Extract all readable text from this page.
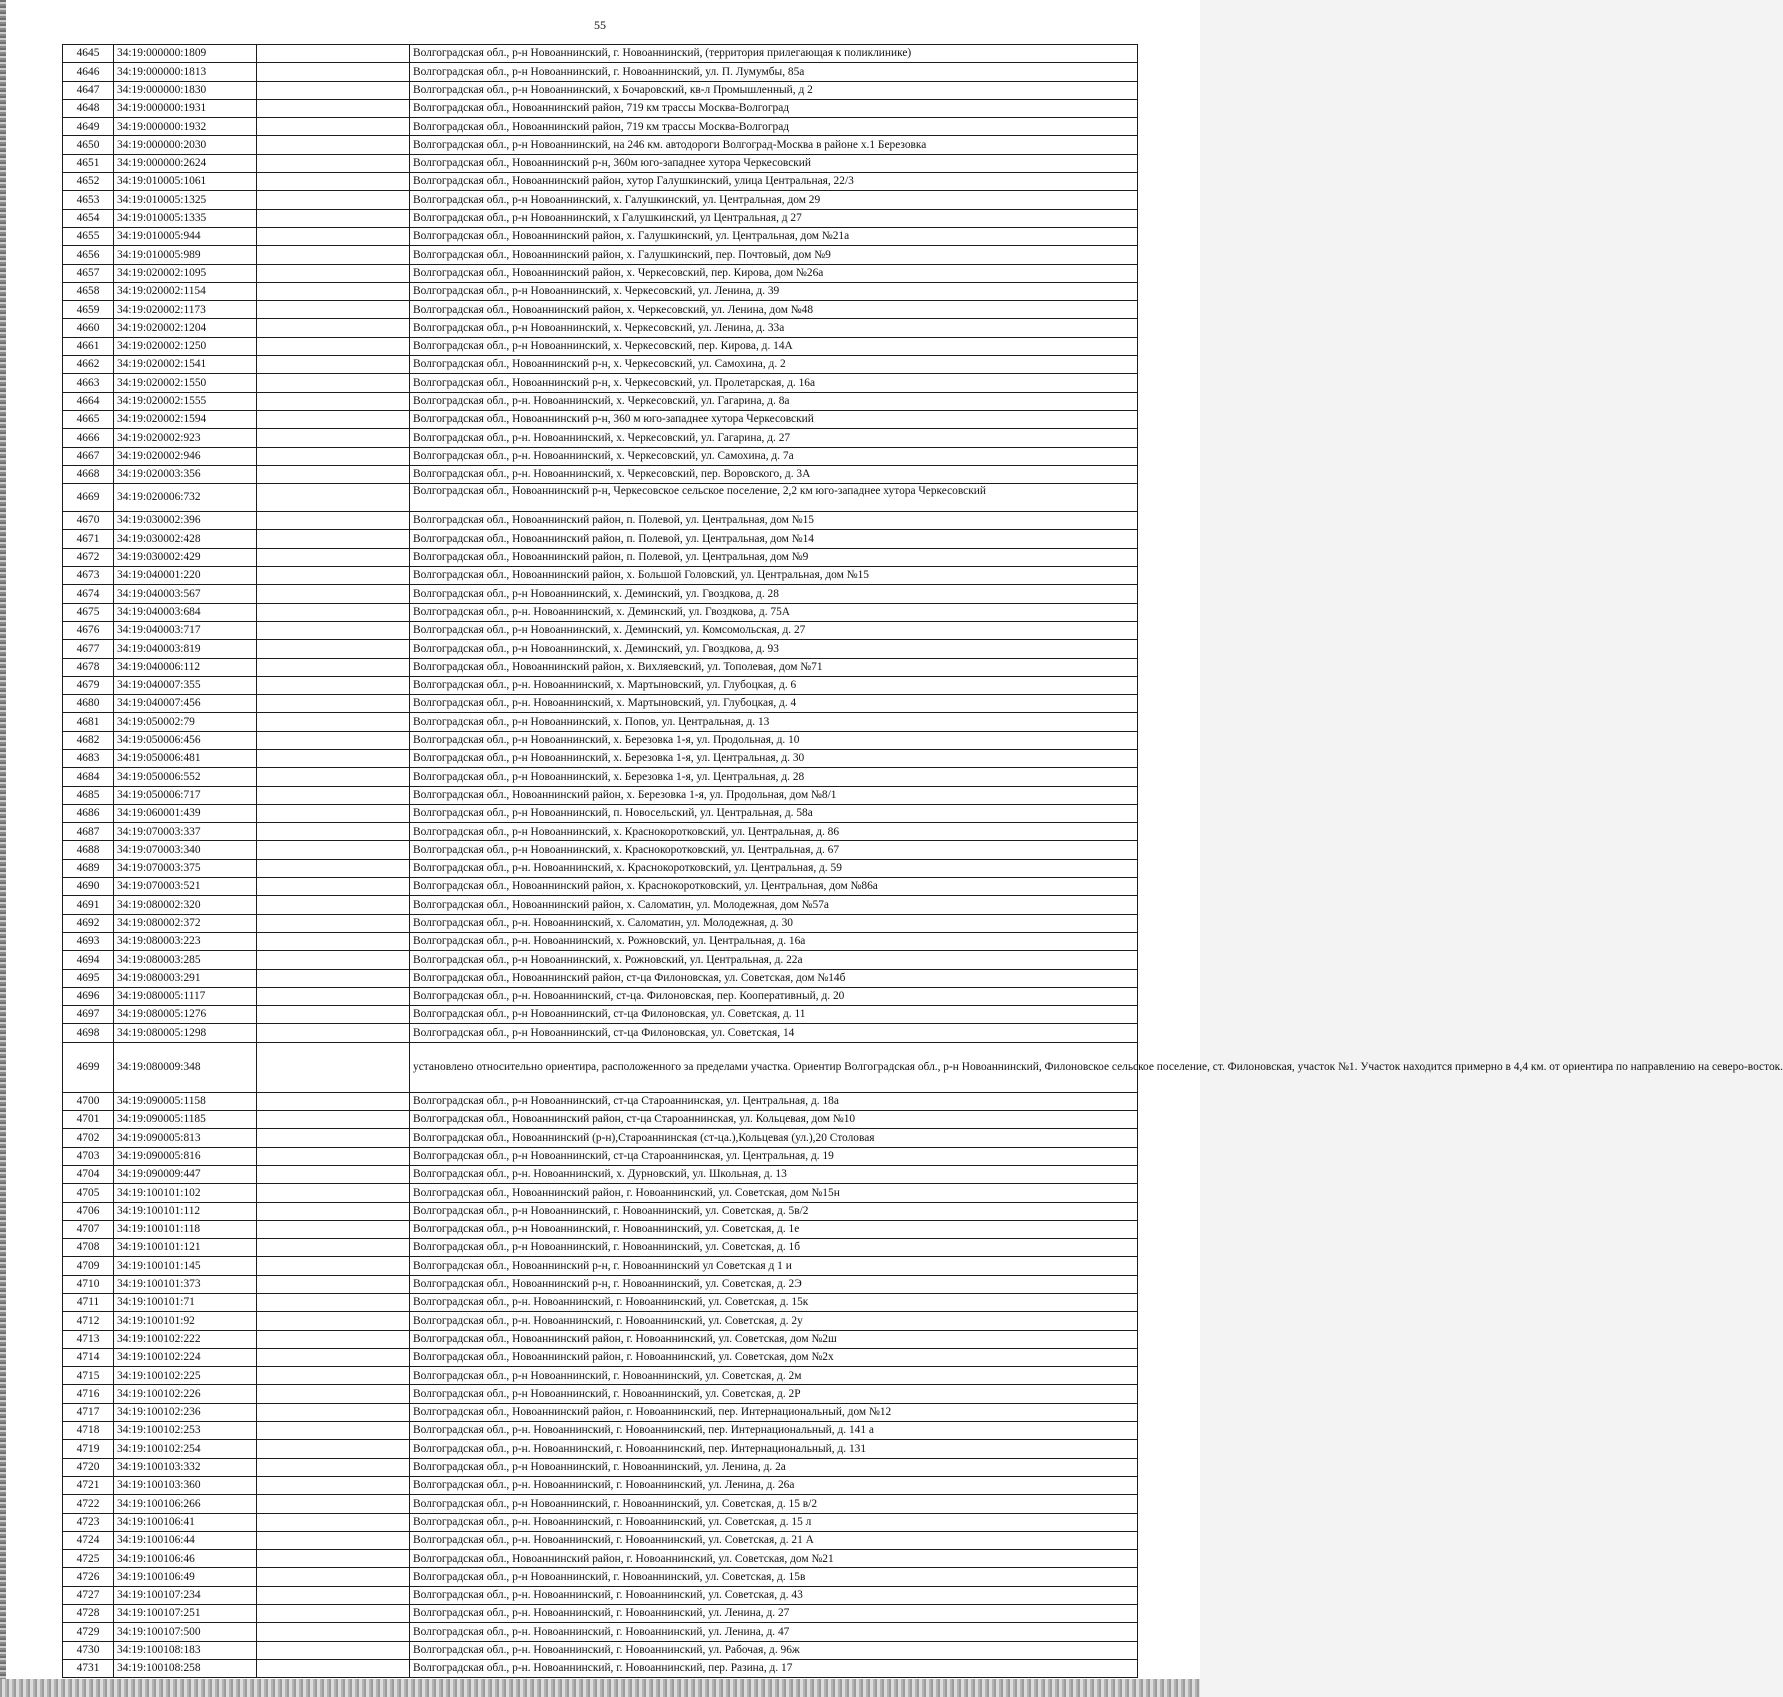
55
4645	34:19:000000:1809		Волгоградская обл., р-н Новоаннинский, г. Новоаннинский, (территория прилегающая к поликлинике)
4646	34:19:000000:1813		Волгоградская обл., р-н Новоаннинский, г. Новоаннинский, ул. П. Лумумбы, 85а
4647	34:19:000000:1830		Волгоградская обл., р-н Новоаннинский, х Бочаровский, кв-л Промышленный, д 2
4648	34:19:000000:1931		Волгоградская обл., Новоаннинский район, 719 км трассы Москва-Волгоград
4649	34:19:000000:1932		Волгоградская обл., Новоаннинский район, 719 км трассы Москва-Волгоград
4650	34:19:000000:2030		Волгоградская обл., р-н Новоаннинский, на 246 км. автодороги Волгоград-Москва в районе х.1 Березовка
4651	34:19:000000:2624		Волгоградская обл., Новоаннинский р-н, 360м юго-западнее хутора Черкесовский
4652	34:19:010005:1061		Волгоградская обл., Новоаннинский район, хутор Галушкинский, улица Центральная, 22/3
4653	34:19:010005:1325		Волгоградская обл., р-н Новоаннинский, х. Галушкинский, ул. Центральная, дом 29
4654	34:19:010005:1335		Волгоградская обл., р-н Новоаннинский, х Галушкинский, ул Центральная, д 27
4655	34:19:010005:944		Волгоградская обл., Новоаннинский район, х. Галушкинский, ул. Центральная, дом №21а
4656	34:19:010005:989		Волгоградская обл., Новоаннинский район, х. Галушкинский, пер. Почтовый, дом №9
4657	34:19:020002:1095		Волгоградская обл., Новоаннинский район, х. Черкесовский, пер. Кирова, дом №26а
4658	34:19:020002:1154		Волгоградская обл., р-н Новоаннинский, х. Черкесовский, ул. Ленина, д. 39
4659	34:19:020002:1173		Волгоградская обл., Новоаннинский район, х. Черкесовский, ул. Ленина, дом №48
4660	34:19:020002:1204		Волгоградская обл., р-н Новоаннинский, х. Черкесовский, ул. Ленина, д. 33а
4661	34:19:020002:1250		Волгоградская обл., р-н Новоаннинский, х. Черкесовский, пер. Кирова, д. 14А
4662	34:19:020002:1541		Волгоградская обл., Новоаннинский р-н, х. Черкесовский, ул. Самохина, д. 2
4663	34:19:020002:1550		Волгоградская обл., Новоаннинский р-н, х. Черкесовский, ул. Пролетарская, д. 16а
4664	34:19:020002:1555		Волгоградская обл., р-н. Новоаннинский, х. Черкесовский, ул. Гагарина, д. 8а
4665	34:19:020002:1594		Волгоградская обл., Новоаннинский р-н, 360 м юго-западнее хутора Черкесовский
4666	34:19:020002:923		Волгоградская обл., р-н. Новоаннинский, х. Черкесовский, ул. Гагарина, д. 27
4667	34:19:020002:946		Волгоградская обл., р-н. Новоаннинский, х. Черкесовский, ул. Самохина, д. 7а
4668	34:19:020003:356		Волгоградская обл., р-н. Новоаннинский, х. Черкесовский, пер. Воровского, д. 3А
4669	34:19:020006:732		Волгоградская обл., Новоаннинский р-н, Черкесовское сельское поселение, 2,2 км юго-западнее хутора Черкесовский
4670	34:19:030002:396		Волгоградская обл., Новоаннинский район, п. Полевой, ул. Центральная, дом №15
4671	34:19:030002:428		Волгоградская обл., Новоаннинский район, п. Полевой, ул. Центральная, дом №14
4672	34:19:030002:429		Волгоградская обл., Новоаннинский район, п. Полевой, ул. Центральная, дом №9
4673	34:19:040001:220		Волгоградская обл., Новоаннинский район, х. Большой Головский, ул. Центральная, дом №15
4674	34:19:040003:567		Волгоградская обл., р-н Новоаннинский, х. Деминский, ул. Гвоздкова, д. 28
4675	34:19:040003:684		Волгоградская обл., р-н. Новоаннинский, х. Деминский, ул. Гвоздкова, д. 75А
4676	34:19:040003:717		Волгоградская обл., р-н Новоаннинский, х. Деминский, ул. Комсомольская, д. 27
4677	34:19:040003:819		Волгоградская обл., р-н Новоаннинский, х. Деминский, ул. Гвоздкова, д. 93
4678	34:19:040006:112		Волгоградская обл., Новоаннинский район, х. Вихляевский, ул. Тополевая, дом №71
4679	34:19:040007:355		Волгоградская обл., р-н. Новоаннинский, х. Мартыновский, ул. Глубоцкая, д. 6
4680	34:19:040007:456		Волгоградская обл., р-н. Новоаннинский, х. Мартыновский, ул. Глубоцкая, д. 4
4681	34:19:050002:79		Волгоградская обл., р-н Новоаннинский, х. Попов, ул. Центральная, д. 13
4682	34:19:050006:456		Волгоградская обл., р-н Новоаннинский, х. Березовка 1-я, ул. Продольная, д. 10
4683	34:19:050006:481		Волгоградская обл., р-н Новоаннинский, х. Березовка 1-я, ул. Центральная, д. 30
4684	34:19:050006:552		Волгоградская обл., р-н Новоаннинский, х. Березовка 1-я, ул. Центральная, д. 28
4685	34:19:050006:717		Волгоградская обл., Новоаннинский район, х. Березовка 1-я, ул. Продольная, дом №8/1
4686	34:19:060001:439		Волгоградская обл., р-н Новоаннинский, п. Новосельский, ул. Центральная, д. 58а
4687	34:19:070003:337		Волгоградская обл., р-н Новоаннинский, х. Краснокоротковский, ул. Центральная, д. 86
4688	34:19:070003:340		Волгоградская обл., р-н Новоаннинский, х. Краснокоротковский, ул. Центральная, д. 67
4689	34:19:070003:375		Волгоградская обл., р-н. Новоаннинский, х. Краснокоротковский, ул. Центральная, д. 59
4690	34:19:070003:521		Волгоградская обл., Новоаннинский район, х. Краснокоротковский, ул. Центральная, дом №86а
4691	34:19:080002:320		Волгоградская обл., Новоаннинский район, х. Саломатин, ул. Молодежная, дом №57а
4692	34:19:080002:372		Волгоградская обл., р-н. Новоаннинский, х. Саломатин, ул. Молодежная, д. 30
4693	34:19:080003:223		Волгоградская обл., р-н. Новоаннинский, х. Рожновский, ул. Центральная, д. 16а
4694	34:19:080003:285		Волгоградская обл., р-н Новоаннинский, х. Рожновский, ул. Центральная, д. 22а
4695	34:19:080003:291		Волгоградская обл., Новоаннинский район, ст-ца Филоновская, ул. Советская, дом №14б
4696	34:19:080005:1117		Волгоградская обл., р-н. Новоаннинский, ст-ца. Филоновская, пер. Кооперативный, д. 20
4697	34:19:080005:1276		Волгоградская обл., р-н Новоаннинский, ст-ца Филоновская, ул. Советская, д. 11
4698	34:19:080005:1298		Волгоградская обл., р-н Новоаннинский, ст-ца Филоновская, ул. Советская, 14
4699	34:19:080009:348		установлено относительно ориентира, расположенного за пределами участка. Ориентир Волгоградская обл., р-н Новоаннинский, Филоновское сельское поселение, ст. Филоновская, участок №1. Участок находится примерно в 4,4 км. от ориентира по направлению на северо-восток.
4700	34:19:090005:1158		Волгоградская обл., р-н Новоаннинский, ст-ца Староаннинская, ул. Центральная, д. 18а
4701	34:19:090005:1185		Волгоградская обл., Новоаннинский район, ст-ца Староаннинская, ул. Кольцевая, дом №10
4702	34:19:090005:813		Волгоградская обл., Новоаннинский (р-н),Староаннинская (ст-ца.),Кольцевая (ул.),20 Столовая
4703	34:19:090005:816		Волгоградская обл., р-н Новоаннинский, ст-ца Староаннинская, ул. Центральная, д. 19
4704	34:19:090009:447		Волгоградская обл., р-н. Новоаннинский, х. Дурновский, ул. Школьная, д. 13
4705	34:19:100101:102		Волгоградская обл., Новоаннинский район, г. Новоаннинский, ул. Советская, дом №15н
4706	34:19:100101:112		Волгоградская обл., р-н Новоаннинский, г. Новоаннинский, ул. Советская, д. 5в/2
4707	34:19:100101:118		Волгоградская обл., р-н Новоаннинский, г. Новоаннинский, ул. Советская, д. 1е
4708	34:19:100101:121		Волгоградская обл., р-н Новоаннинский, г. Новоаннинский, ул. Советская, д. 1б
4709	34:19:100101:145		Волгоградская обл., Новоаннинский р-н, г. Новоаннинский ул Советская д 1 и
4710	34:19:100101:373		Волгоградская обл., Новоаннинский р-н, г. Новоаннинский, ул. Советская, д. 2Э
4711	34:19:100101:71		Волгоградская обл., р-н. Новоаннинский, г. Новоаннинский, ул. Советская, д. 15к
4712	34:19:100101:92		Волгоградская обл., р-н. Новоаннинский, г. Новоаннинский, ул. Советская, д. 2у
4713	34:19:100102:222		Волгоградская обл., Новоаннинский район, г. Новоаннинский, ул. Советская, дом №2ш
4714	34:19:100102:224		Волгоградская обл., Новоаннинский район, г. Новоаннинский, ул. Советская, дом №2х
4715	34:19:100102:225		Волгоградская обл., р-н Новоаннинский, г. Новоаннинский, ул. Советская, д. 2м
4716	34:19:100102:226		Волгоградская обл., р-н Новоаннинский, г. Новоаннинский, ул. Советская, д. 2Р
4717	34:19:100102:236		Волгоградская обл., Новоаннинский район, г. Новоаннинский, пер. Интернациональный, дом №12
4718	34:19:100102:253		Волгоградская обл., р-н. Новоаннинский, г. Новоаннинский, пер. Интернациональный, д. 141 а
4719	34:19:100102:254		Волгоградская обл., р-н. Новоаннинский, г. Новоаннинский, пер. Интернациональный, д. 131
4720	34:19:100103:332		Волгоградская обл., р-н Новоаннинский, г. Новоаннинский, ул. Ленина, д. 2а
4721	34:19:100103:360		Волгоградская обл., р-н. Новоаннинский, г. Новоаннинский, ул. Ленина, д. 26а
4722	34:19:100106:266		Волгоградская обл., р-н Новоаннинский, г. Новоаннинский, ул. Советская, д. 15 в/2
4723	34:19:100106:41		Волгоградская обл., р-н. Новоаннинский, г. Новоаннинский, ул. Советская, д. 15 л
4724	34:19:100106:44		Волгоградская обл., р-н. Новоаннинский, г. Новоаннинский, ул. Советская, д. 21 А
4725	34:19:100106:46		Волгоградская обл., Новоаннинский район, г. Новоаннинский, ул. Советская, дом №21
4726	34:19:100106:49		Волгоградская обл., р-н Новоаннинский, г. Новоаннинский, ул. Советская, д. 15в
4727	34:19:100107:234		Волгоградская обл., р-н. Новоаннинский, г. Новоаннинский, ул. Советская, д. 43
4728	34:19:100107:251		Волгоградская обл., р-н. Новоаннинский, г. Новоаннинский, ул. Ленина, д. 27
4729	34:19:100107:500		Волгоградская обл., р-н. Новоаннинский, г. Новоаннинский, ул. Ленина, д. 47
4730	34:19:100108:183		Волгоградская обл., р-н. Новоаннинский, г. Новоаннинский, ул. Рабочая, д. 96ж
4731	34:19:100108:258		Волгоградская обл., р-н. Новоаннинский, г. Новоаннинский, пер. Разина, д. 17
